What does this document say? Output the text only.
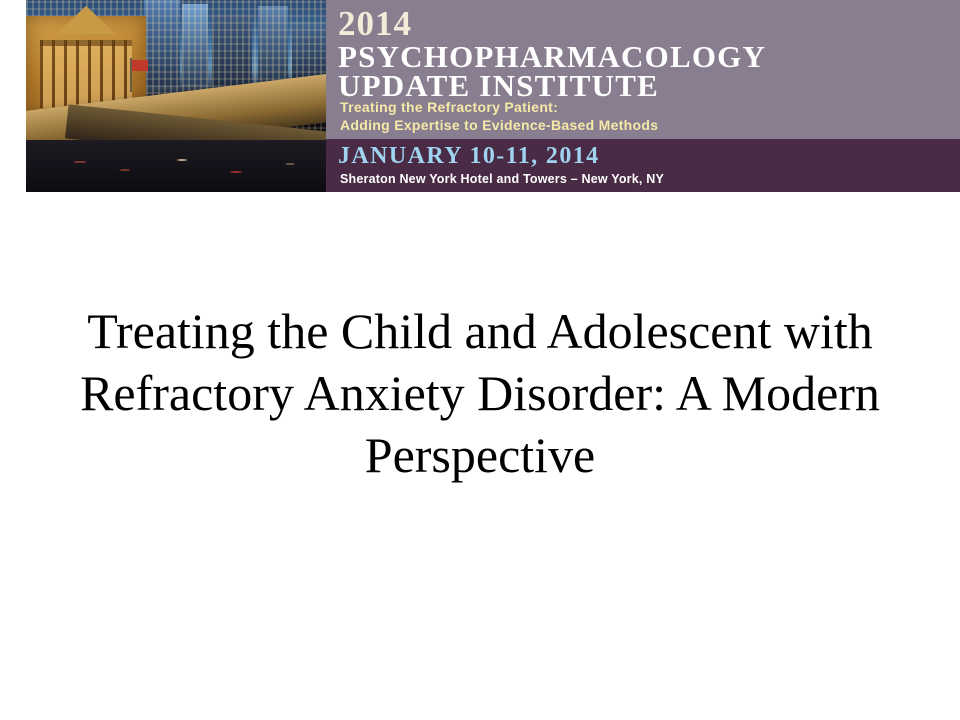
2014
PSYCHOPHARMACOLOGY
UPDATE INSTITUTE
Treating the Refractory Patient:
Adding Expertise to Evidence-Based Methods
JANUARY 10-11, 2014
Sheraton New York Hotel and Towers – New York, NY
Treating the Child and Adolescent with Refractory Anxiety Disorder: A Modern Perspective
